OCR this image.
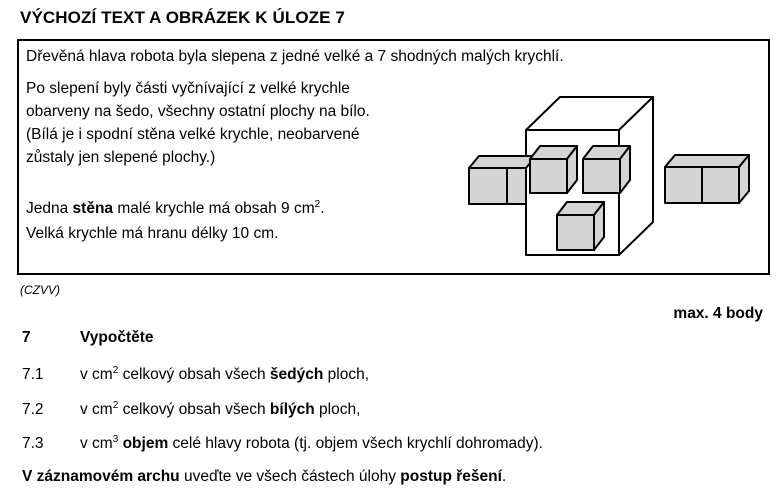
VÝCHOZÍ TEXT A OBRÁZEK K ÚLOZE 7
Dřevěná hlava robota byla slepena z jedné velké a 7 shodných malých krychlí.
Po slepení byly části vyčnívající z velké krychle
obarveny na šedo, všechny ostatní plochy na bílo.
(Bílá je i spodní stěna velké krychle, neobarvené
zůstaly jen slepené plochy.)
Jedna stěna malé krychle má obsah 9 $cm^2$.
Velká krychle má hranu délky 10 cm.
(CZVV)
max. 4 body
7	Vypočtěte
7.1 v $cm^2$ celkový obsah všech šedých ploch,
7.2 v $cm^2$ celkový obsah všech bílých ploch,
7.3 v $cm^3$ objem celé hlavy robota (tj. objem všech krychlí dohromady).
V záznamovém archu uveďte ve všech částech úlohy postup řešení.
